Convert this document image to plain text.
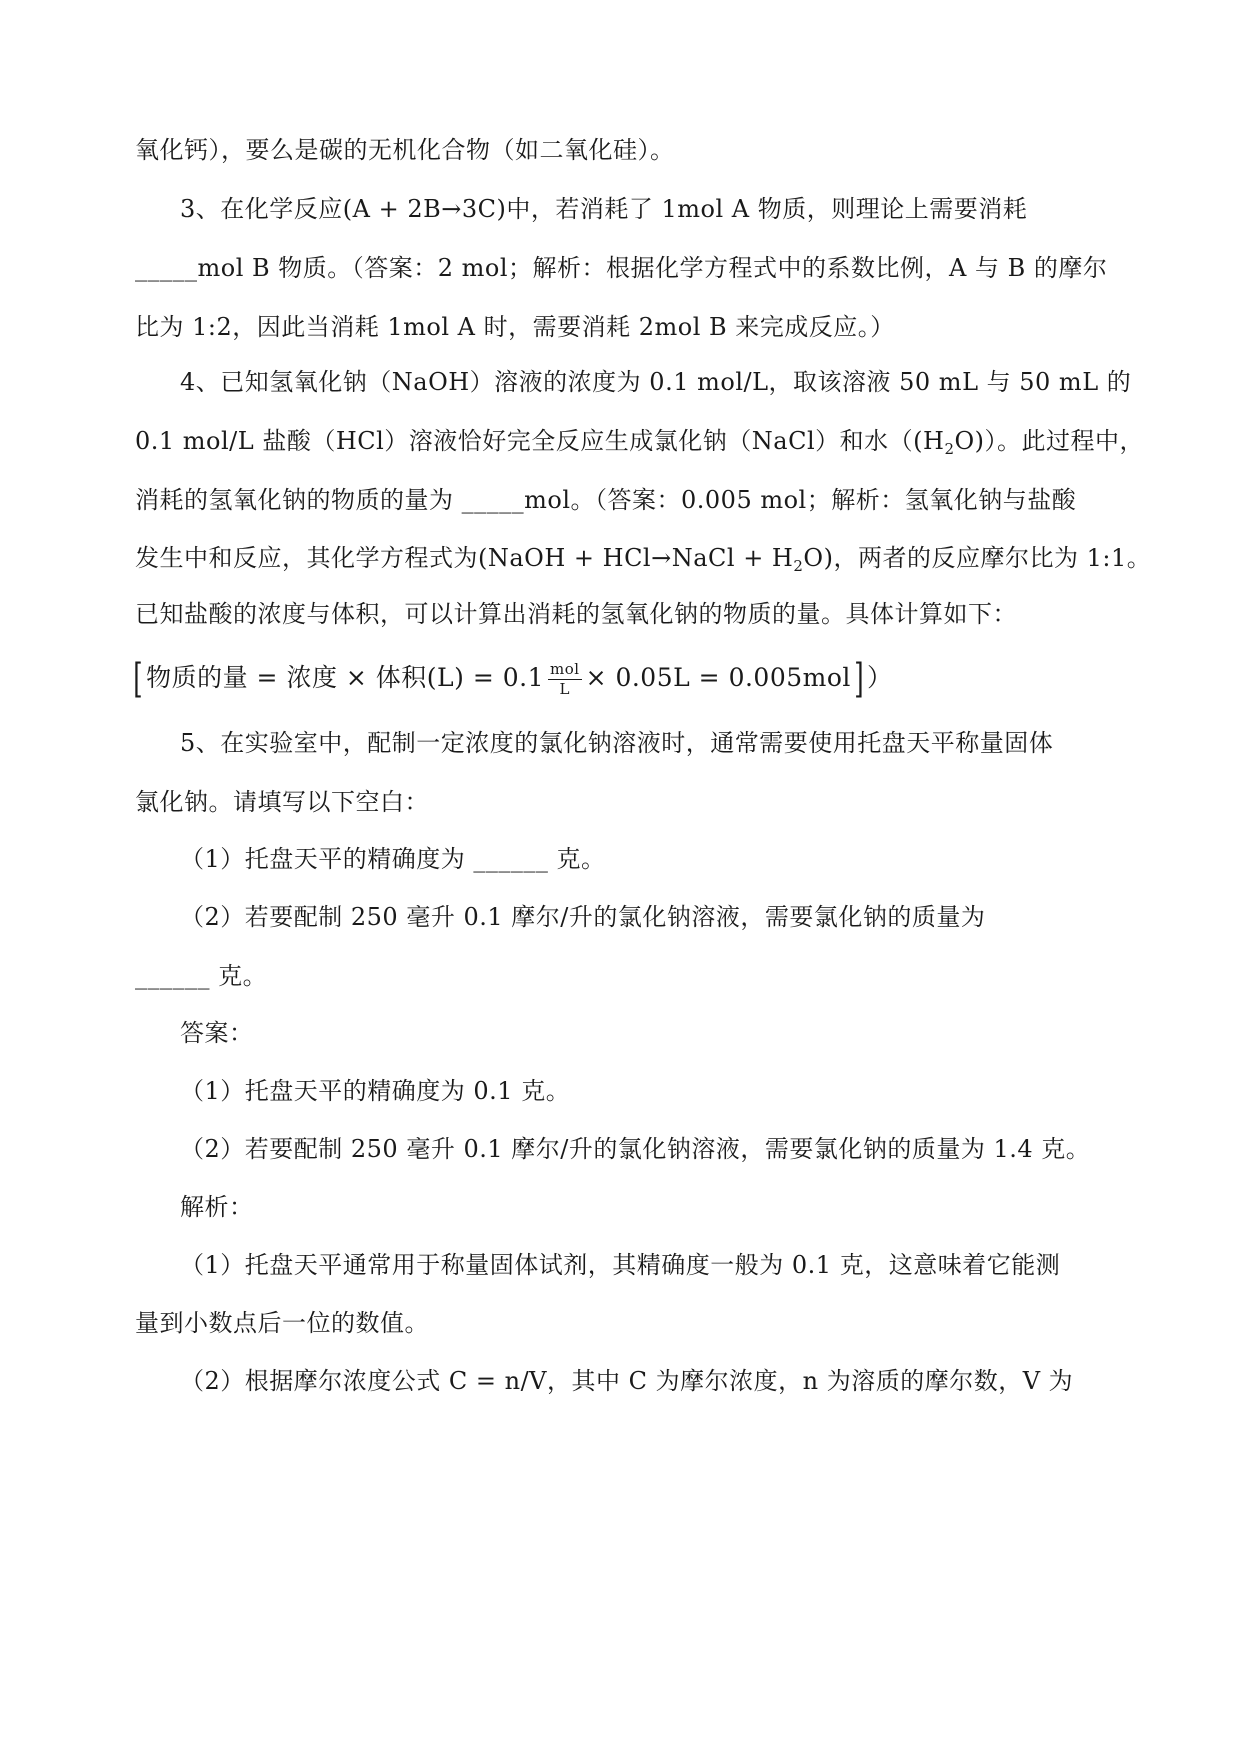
氧化钙），要么是碳的无机化合物（如二氧化硅）。

3、在化学反应(A + 2B→3C)中，若消耗了 1mol A 物质，则理论上需要消耗

_____mol B 物质。（答案：2 mol；解析：根据化学方程式中的系数比例，A 与 B 的摩尔

比为 1:2，因此当消耗 1mol A 时，需要消耗 2mol B 来完成反应。）

4、已知氢氧化钠（NaOH）溶液的浓度为 0.1 mol/L，取该溶液 50 mL 与 50 mL 的

0.1 mol/L 盐酸（HCl）溶液恰好完全反应生成氯化钠（NaCl）和水$((H_2O))$。此过程中，

消耗的氢氧化钠的物质的量为 _____mol。（答案：0.005 mol；解析：氢氧化钠与盐酸

发生中和反应，其化学方程式为(NaOH + HCl→NaCl + $H_2O$)，两者的反应摩尔比为 1:1。

已知盐酸的浓度与体积，可以计算出消耗的氢氧化钠的物质的量。具体计算如下：

[ 物质的量 = 浓度 × 体积$(L) = 0.1 \frac{\text{mol}}{L} \times 0.05L = 0.005mol$] ）

5、在实验室中，配制一定浓度的氯化钠溶液时，通常需要使用托盘天平称量固体

氯化钠。请填写以下空白：

（1）托盘天平的精确度为 ______ 克。

（2）若要配制 250 毫升 0.1 摩尔/升的氯化钠溶液，需要氯化钠的质量为

______ 克。

答案：

（1）托盘天平的精确度为 0.1 克。

（2）若要配制 250 毫升 0.1 摩尔/升的氯化钠溶液，需要氯化钠的质量为 1.4 克。

解析：

（1）托盘天平通常用于称量固体试剂，其精确度一般为 0.1 克，这意味着它能测

量到小数点后一位的数值。

（2）根据摩尔浓度公式 C = n/V，其中 C 为摩尔浓度，n 为溶质的摩尔数，V 为
